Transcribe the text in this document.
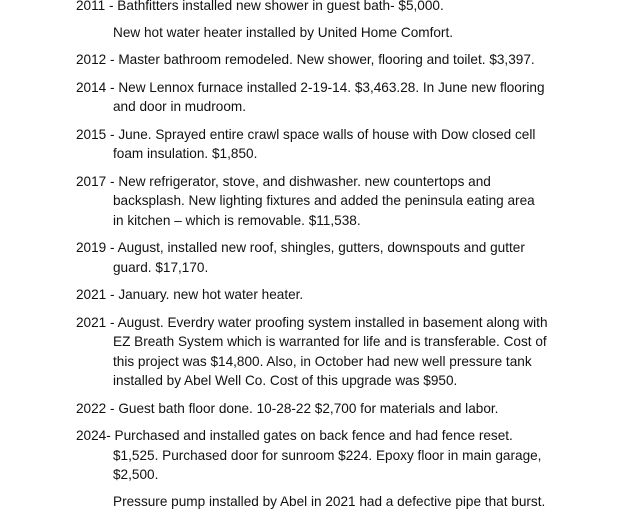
2011 - Bathfitters installed new shower in guest bath- $5,000.
New hot water heater installed by United Home Comfort.
2012 - Master bathroom remodeled. New shower, flooring and toilet. $3,397.
2014 - New Lennox furnace installed 2-19-14. $3,463.28. In June new flooring
and door in mudroom.
2015 - June. Sprayed entire crawl space walls of house with Dow closed cell
foam insulation. $1,850.
2017 - New refrigerator, stove, and dishwasher. new countertops and
backsplash. New lighting fixtures and added the peninsula eating area
in kitchen – which is removable. $11,538.
2019 - August, installed new roof, shingles, gutters, downspouts and gutter
guard. $17,170.
2021 - January. new hot water heater.
2021 - August. Everdry water proofing system installed in basement along with
EZ Breath System which is warranted for life and is transferable. Cost of
this project was $14,800. Also, in October had new well pressure tank
installed by Abel Well Co. Cost of this upgrade was $950.
2022 - Guest bath floor done. 10-28-22 $2,700 for materials and labor.
2024- Purchased and installed gates on back fence and had fence reset.
$1,525. Purchased door for sunroom $224. Epoxy floor in main garage,
$2,500.
Pressure pump installed by Abel in 2021 had a defective pipe that burst.
